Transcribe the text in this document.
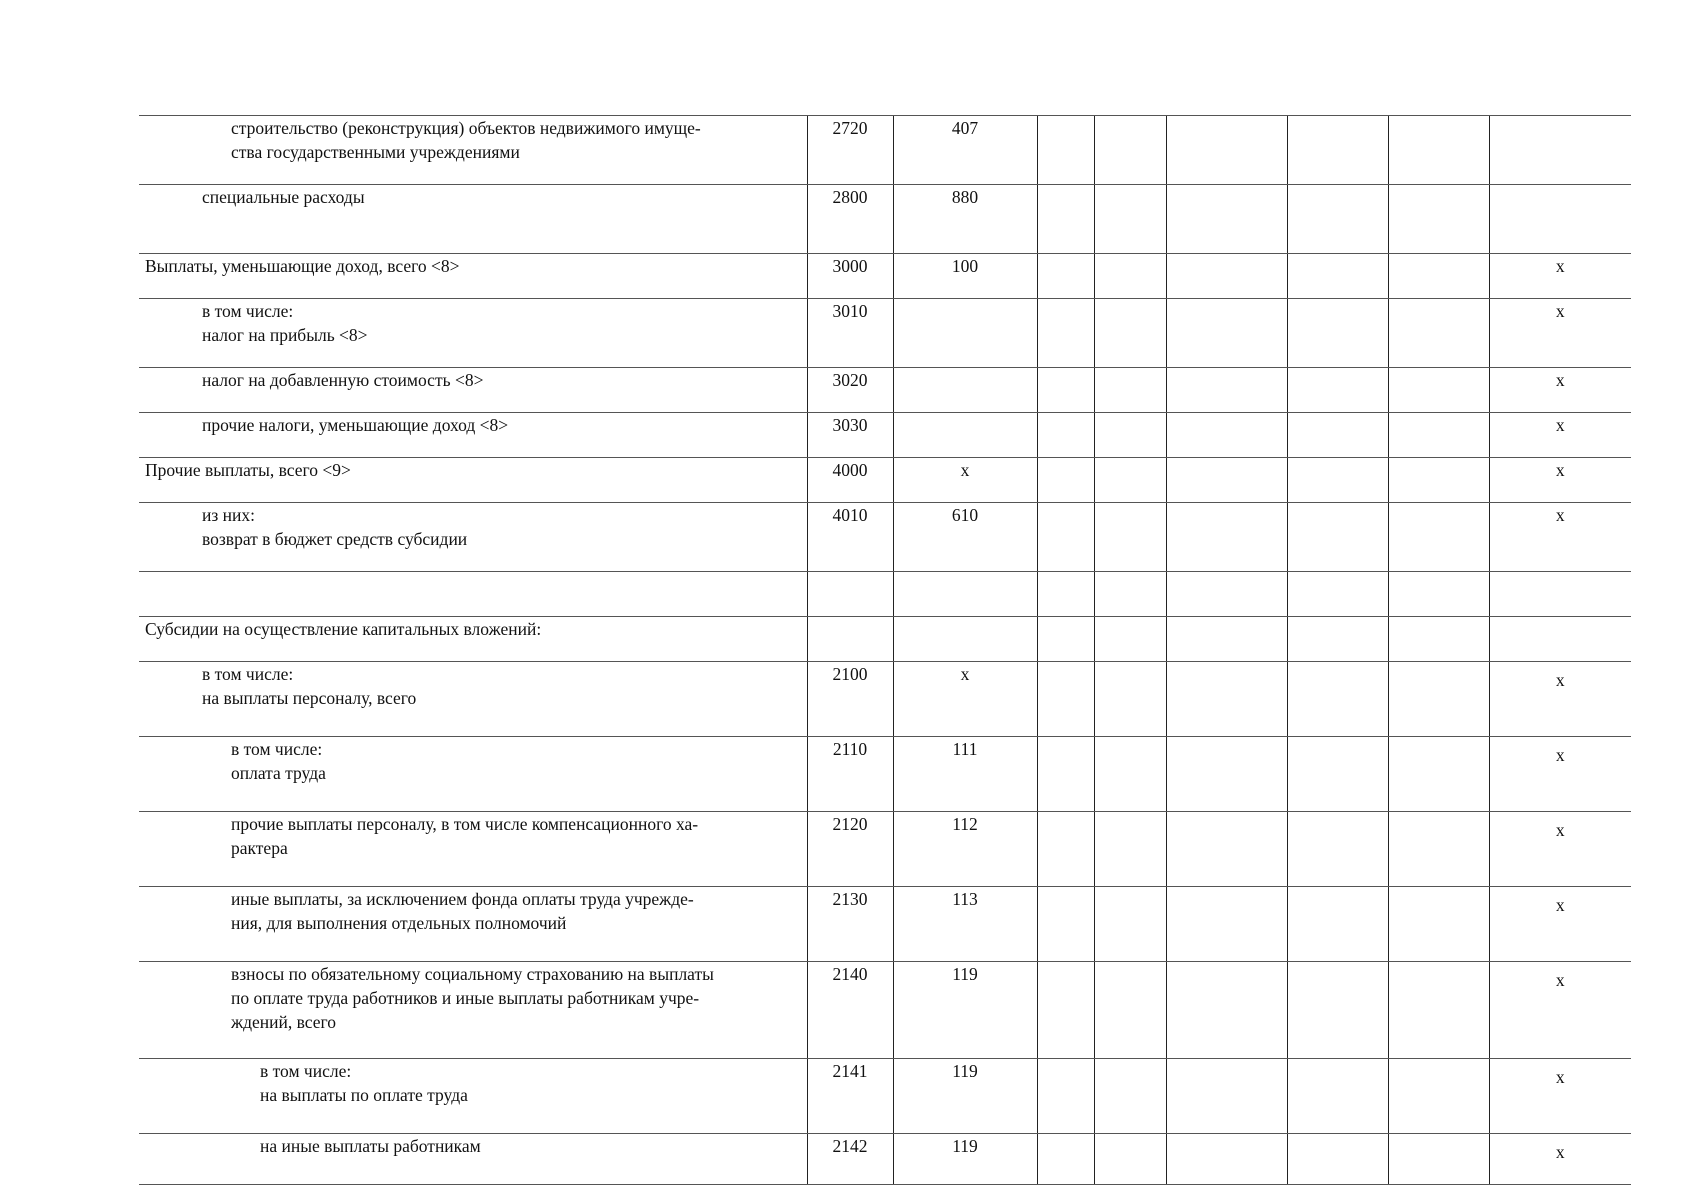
строительство (реконструкция) объектов недвижимого имуще-
ства государственными учреждениями	2720	407						

специальные расходы	2800	880						

Выплаты, уменьшающие доход, всего <8>	3000	100						x

в том числе:
налог на прибыль <8>	3010							x

налог на добавленную стоимость <8>	3020							x

прочие налоги, уменьшающие доход <8>	3030							x

Прочие выплаты, всего <9>	4000	x						x

из них:
возврат в бюджет средств субсидии	4010	610						x

Субсидии на осуществление капитальных вложений:								

в том числе:
на выплаты персоналу, всего	2100	x						x

в том числе:
оплата труда	2110	111						x

прочие выплаты персоналу, в том числе компенсационного ха-
рактера	2120	112						x

иные выплаты, за исключением фонда оплаты труда учрежде-
ния, для выполнения отдельных полномочий	2130	113						x

взносы по обязательному социальному страхованию на выплаты
по оплате труда работников и иные выплаты работникам учре-
ждений, всего	2140	119						x

в том числе:
на выплаты по оплате труда	2141	119						x

на иные выплаты работникам	2142	119						x
